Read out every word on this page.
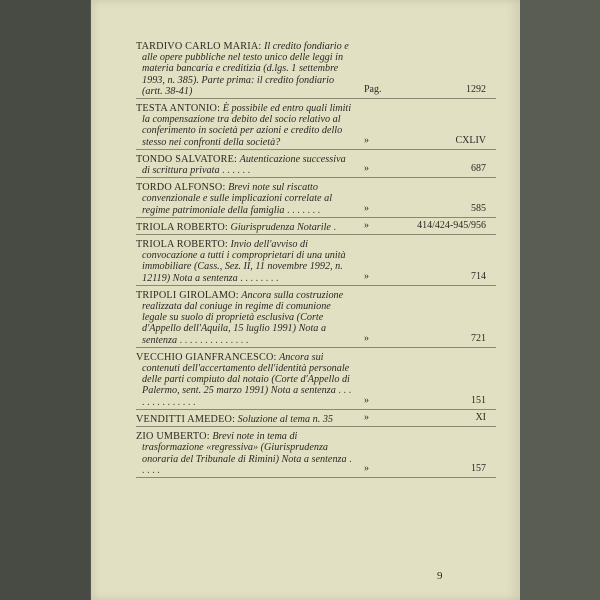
TARDIVO CARLO MARIA: Il credito fondiario e alle opere pubbliche nel testo unico delle leggi in materia bancaria e creditizia (d.lgs. 1 settembre 1993, n. 385). Parte prima: il credito fondiario (artt. 38-41)	Pag.	1292
TESTA ANTONIO: È possibile ed entro quali limiti la compensazione tra debito del socio relativo al conferimento in società per azioni e credito dello stesso nei confronti della società?	»	CXLIV
TONDO SALVATORE: Autenticazione successiva di scrittura privata . . . . . .	»	687
TORDO ALFONSO: Brevi note sul riscatto convenzionale e sulle implicazioni correlate al regime patrimoniale della famiglia . . . . . . .	»	585
TRIOLA ROBERTO: Giurisprudenza Notarile .	»	414/424-945/956
TRIOLA ROBERTO: Invio dell'avviso di convocazione a tutti i comproprietari di una unità immobiliare (Cass., Sez. II, 11 novembre 1992, n. 12119) Nota a sentenza . . . . . . . .	»	714
TRIPOLI GIROLAMO: Ancora sulla costruzione realizzata dal coniuge in regime di comunione legale su suolo di proprietà esclusiva (Corte d'Appello dell'Aquila, 15 luglio 1991) Nota a sentenza . . . . . . . . . . . . . .	»	721
VECCHIO GIANFRANCESCO: Ancora sui contenuti dell'accertamento dell'identità personale delle parti compiuto dal notaio (Corte d'Appello di Palermo, sent. 25 marzo 1991) Nota a sentenza . . . . . . . . . . . . . .	»	151
VENDITTI AMEDEO: Soluzione al tema n. 35	»	XI
ZIO UMBERTO: Brevi note in tema di trasformazione «regressiva» (Giurisprudenza onoraria del Tribunale di Rimini) Nota a sentenza . . . . .	»	157
9
